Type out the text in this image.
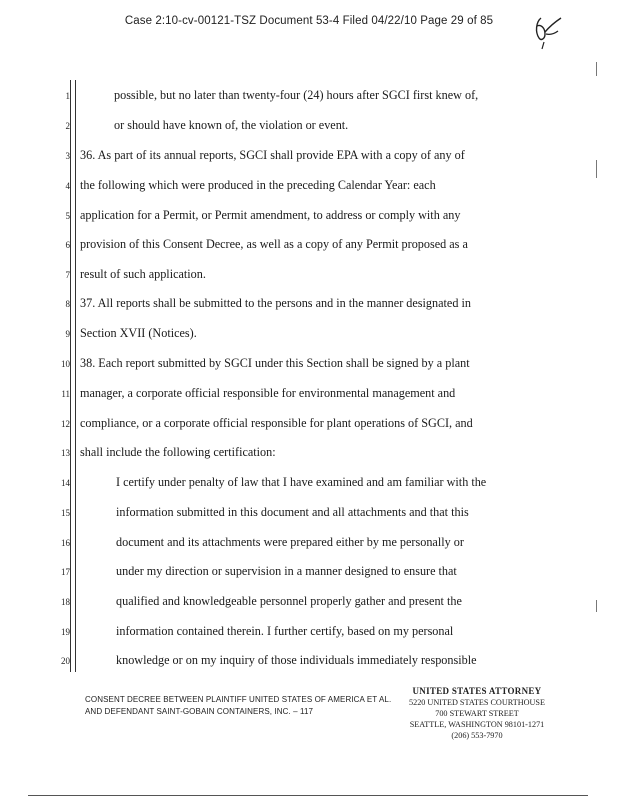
Case 2:10-cv-00121-TSZ Document 53-4 Filed 04/22/10 Page 29 of 85
1
2
3
4
5
6
7
8
9
10
11
12
13
14
15
16
17
18
19
20
possible, but no later than twenty-four (24) hours after SGCI first knew of,
or should have known of, the violation or event.
36. As part of its annual reports, SGCI shall provide EPA with a copy of any of
the following which were produced in the preceding Calendar Year: each
application for a Permit, or Permit amendment, to address or comply with any
provision of this Consent Decree, as well as a copy of any Permit proposed as a
result of such application.
37. All reports shall be submitted to the persons and in the manner designated in
Section XVII (Notices).
38. Each report submitted by SGCI under this Section shall be signed by a plant
manager, a corporate official responsible for environmental management and
compliance, or a corporate official responsible for plant operations of SGCI, and
shall include the following certification:
I certify under penalty of law that I have examined and am familiar with the
information submitted in this document and all attachments and that this
document and its attachments were prepared either by me personally or
under my direction or supervision in a manner designed to ensure that
qualified and knowledgeable personnel properly gather and present the
information contained therein. I further certify, based on my personal
knowledge or on my inquiry of those individuals immediately responsible
CONSENT DECREE BETWEEN PLAINTIFF UNITED STATES OF AMERICA ET AL.
AND DEFENDANT SAINT-GOBAIN CONTAINERS, INC. – 117
UNITED STATES ATTORNEY
5220 UNITED STATES COURTHOUSE
700 STEWART STREET
SEATTLE, WASHINGTON 98101-1271
(206) 553-7970
